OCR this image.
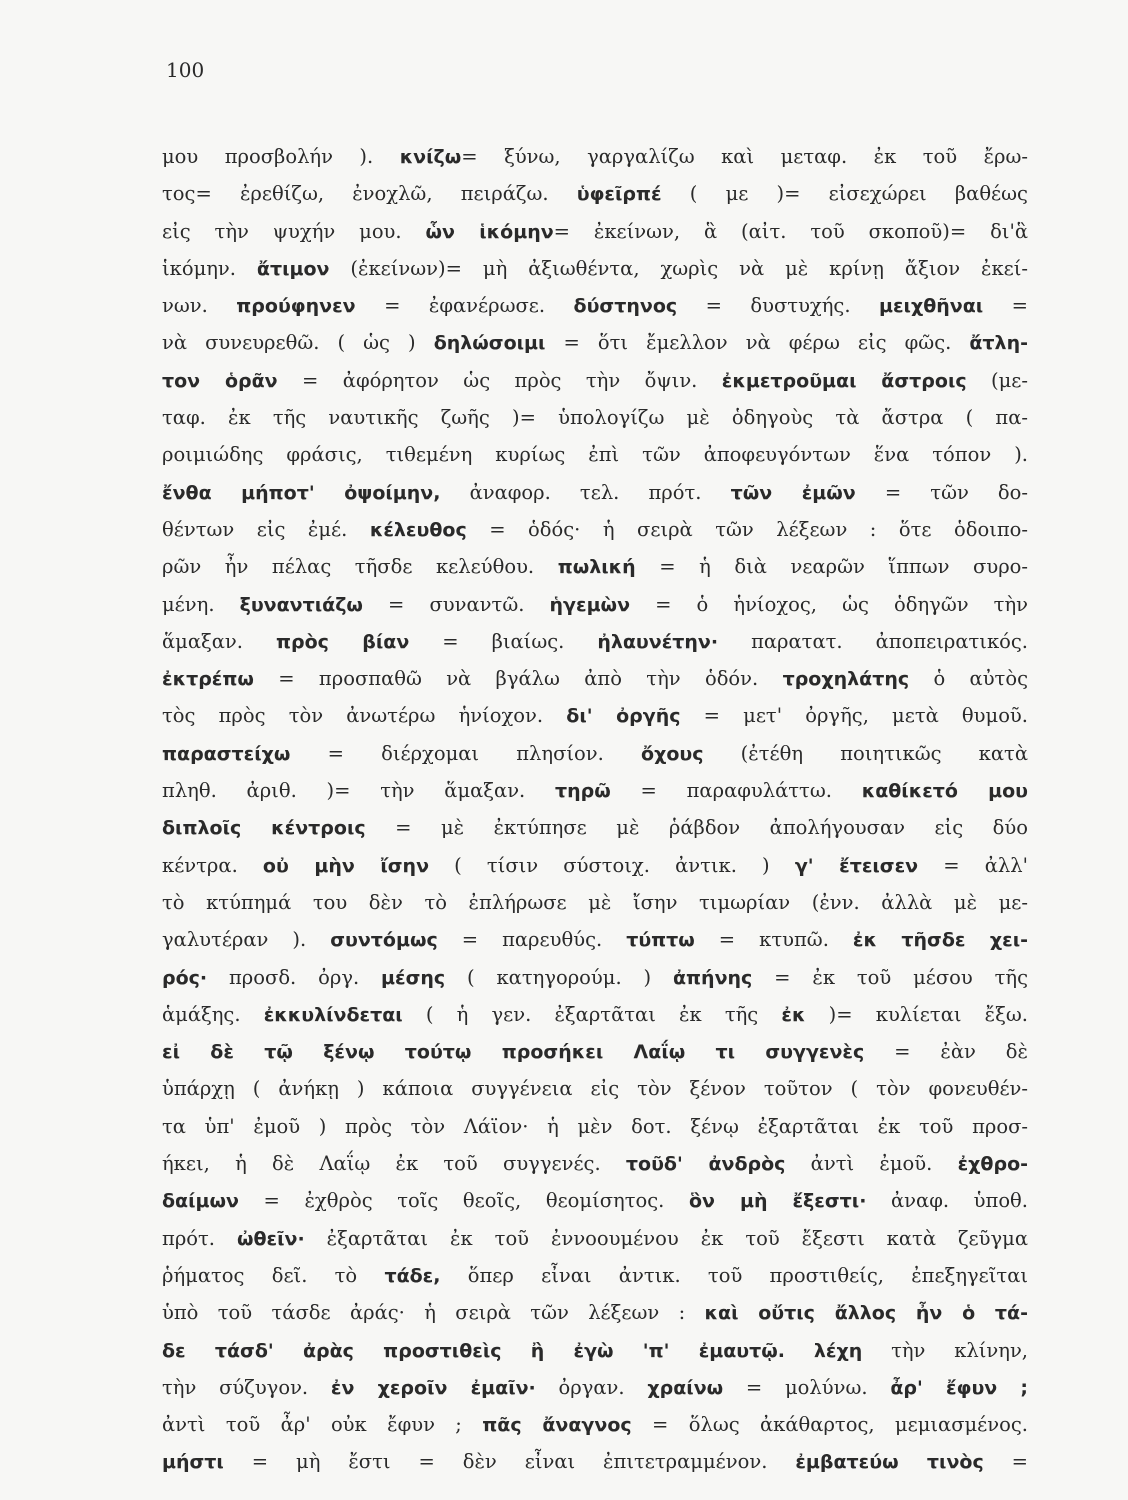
100
μου προσβολήν ). κνίζω= ξύνω, γαργαλίζω καὶ μεταφ. ἐκ τοῦ ἔρω-
τος= ἐρεθίζω, ἐνοχλῶ, πειράζω. ὑφεῖρπέ ( με )= εἰσεχώρει βαθέως
εἰς τὴν ψυχήν μου. ὧν ἱκόμην= ἐκείνων, ἃ (αἰτ. τοῦ σκοποῦ)= δι'ἃ
ἱκόμην. ἄτιμον (ἐκείνων)= μὴ ἀξιωθέντα, χωρὶς νὰ μὲ κρίνῃ ἄξιον ἐκεί-
νων. προύφηνεν = ἐφανέρωσε. δύστηνος = δυστυχής. μειχθῆναι =
νὰ συνευρεθῶ. ( ὡς ) δηλώσοιμι = ὅτι ἔμελλον νὰ φέρω εἰς φῶς. ἄτλη-
τον ὁρᾶν = ἀφόρητον ὡς πρὸς τὴν ὄψιν. ἐκμετροῦμαι ἄστροις (με-
ταφ. ἐκ τῆς ναυτικῆς ζωῆς )= ὑπολογίζω μὲ ὁδηγοὺς τὰ ἄστρα ( πα-
ροιμιώδης φράσις, τιθεμένη κυρίως ἐπὶ τῶν ἀποφευγόντων ἕνα τόπον ).
ἔνθα μήποτ' ὀψοίμην, ἀναφορ. τελ. πρότ. τῶν ἐμῶν = τῶν δο-
θέντων εἰς ἐμέ. κέλευθος = ὁδός· ἡ σειρὰ τῶν λέξεων : ὅτε ὁδοιπο-
ρῶν ἦν πέλας τῆσδε κελεύθου. πωλική = ἡ διὰ νεαρῶν ἵππων συρο-
μένη. ξυναντιάζω = συναντῶ. ἡγεμὼν = ὁ ἡνίοχος, ὡς ὁδηγῶν τὴν
ἅμαξαν. πρὸς βίαν = βιαίως. ἠλαυνέτην· παρατατ. ἀποπειρατικός.
ἐκτρέπω = προσπαθῶ νὰ βγάλω ἀπὸ τὴν ὁδόν. τροχηλάτης ὁ αὐτὸς
τὸς πρὸς τὸν ἀνωτέρω ἡνίοχον. δι' ὀργῆς = μετ' ὀργῆς, μετὰ θυμοῦ.
παραστείχω = διέρχομαι πλησίον. ὄχους (ἐτέθη ποιητικῶς κατὰ
πληθ. ἀριθ. )= τὴν ἅμαξαν. τηρῶ = παραφυλάττω. καθίκετό μου
διπλοῖς κέντροις = μὲ ἐκτύπησε μὲ ῥάβδον ἀπολήγουσαν εἰς δύο
κέντρα. οὐ μὴν ἴσην ( τίσιν σύστοιχ. ἀντικ. ) γ' ἔτεισεν = ἀλλ'
τὸ κτύπημά του δὲν τὸ ἐπλήρωσε μὲ ἴσην τιμωρίαν (ἐνν. ἀλλὰ μὲ με-
γαλυτέραν ). συντόμως = παρευθύς. τύπτω = κτυπῶ. ἐκ τῆσδε χει-
ρός· προσδ. ὀργ. μέσης ( κατηγορούμ. ) ἀπήνης = ἐκ τοῦ μέσου τῆς
ἁμάξης. ἐκκυλίνδεται ( ἡ γεν. ἐξαρτᾶται ἐκ τῆς ἐκ )= κυλίεται ἔξω.
εἰ δὲ τῷ ξένῳ τούτῳ προσήκει Λαΐῳ τι συγγενὲς = ἐὰν δὲ
ὑπάρχῃ ( ἀνήκῃ ) κάποια συγγένεια εἰς τὸν ξένον τοῦτον ( τὸν φονευθέν-
τα ὑπ' ἐμοῦ ) πρὸς τὸν Λάϊον· ἡ μὲν δοτ. ξένῳ ἐξαρτᾶται ἐκ τοῦ προσ-
ήκει, ἡ δὲ Λαΐῳ ἐκ τοῦ συγγενές. τοῦδ' ἀνδρὸς ἀντὶ ἐμοῦ. ἐχθρο-
δαίμων = ἐχθρὸς τοῖς θεοῖς, θεομίσητος. ὃν μὴ ἔξεστι· ἀναφ. ὑποθ.
πρότ. ὠθεῖν· ἐξαρτᾶται ἐκ τοῦ ἐννοουμένου ἐκ τοῦ ἔξεστι κατὰ ζεῦγμα
ῥήματος δεῖ. τὸ τάδε, ὅπερ εἶναι ἀντικ. τοῦ προστιθείς, ἐπεξηγεῖται
ὑπὸ τοῦ τάσδε ἀράς· ἡ σειρὰ τῶν λέξεων : καὶ οὔτις ἄλλος ἦν ὁ τά-
δε τάσδ' ἀρὰς προστιθεὶς ἢ ἐγὼ 'π' ἐμαυτῷ. λέχη τὴν κλίνην,
τὴν σύζυγον. ἐν χεροῖν ἐμαῖν· ὀργαν. χραίνω = μολύνω. ἆρ' ἔφυν ;
ἀντὶ τοῦ ἆρ' οὐκ ἔφυν ; πᾶς ἄναγνος = ὅλως ἀκάθαρτος, μεμιασμένος.
μήστι = μὴ ἔστι = δὲν εἶναι ἐπιτετραμμένον. ἐμβατεύω τινὸς =
